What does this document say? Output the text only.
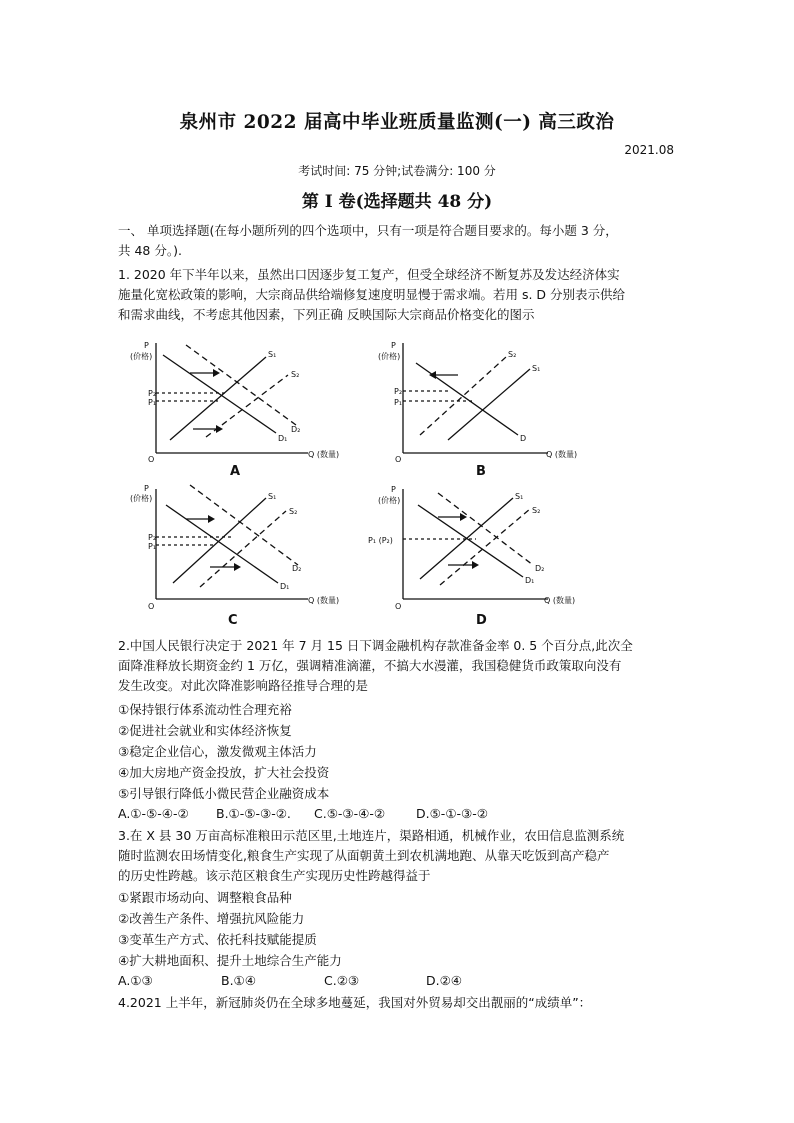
泉州市 2022 届高中毕业班质量监测(一) 高三政治
2021.08
考试时间: 75 分钟;试卷满分: 100 分
第 I 卷(选择题共 48 分)
一、 单项选择题(在每小题所列的四个选项中，只有一项是符合题目要求的。每小题 3 分，
共 48 分。).
1. 2020 年下半年以来，虽然出口因逐步复工复产，但受全球经济不断复苏及发达经济体实
施量化宽松政策的影响，大宗商品供给端修复速度明显慢于需求端。若用 s. D 分别表示供给
和需求曲线，不考虑其他因素，下列正确 反映国际大宗商品价格变化的图示
P
(价格)
P₂
P₁
S₁
S₂
D₂
D₁
O
Q (数量)
A
P
(价格)
P₂
P₁
S₂
S₁
D
O
Q (数量)
B
P
(价格)
P₂
P₁
S₁
S₂
D₂
D₁
O
Q (数量)
C
P
(价格)
P₁ (P₂)
S₁
S₂
D₂
D₁
O
Q (数量)
D
2.中国人民银行决定于 2021 年 7 月 15 日下调金融机构存款准备金率 0. 5 个百分点,此次全
面降准释放长期资金约 1 万亿，强调精准滴灌，不搞大水漫灌，我国稳健货币政策取向没有
发生改变。对此次降准影响路径推导合理的是
①保持银行体系流动性合理充裕
②促进社会就业和实体经济恢复
③稳定企业信心，激发微观主体活力
④加大房地产资金投放，扩大社会投资
⑤引导银行降低小微民营企业融资成本
A.①-⑤-④-② B.①-⑤-③-②. C.⑤-③-④-② D.⑤-①-③-②
3.在 X 县 30 万亩高标准粮田示范区里,土地连片，渠路相通，机械作业，农田信息监测系统
随时监测农田场情变化,粮食生产实现了从面朝黄土到农机满地跑、从靠天吃饭到高产稳产
的历史性跨越。该示范区粮食生产实现历史性跨越得益于
①紧跟市场动向、调整粮食品种
②改善生产条件、增强抗风险能力
③变革生产方式、依托科技赋能提质
④扩大耕地面积、提升土地综合生产能力
A.①③	B.①④	C.②③	D.②④
4.2021 上半年，新冠肺炎仍在全球多地蔓延，我国对外贸易却交出靓丽的“成绩单”：
